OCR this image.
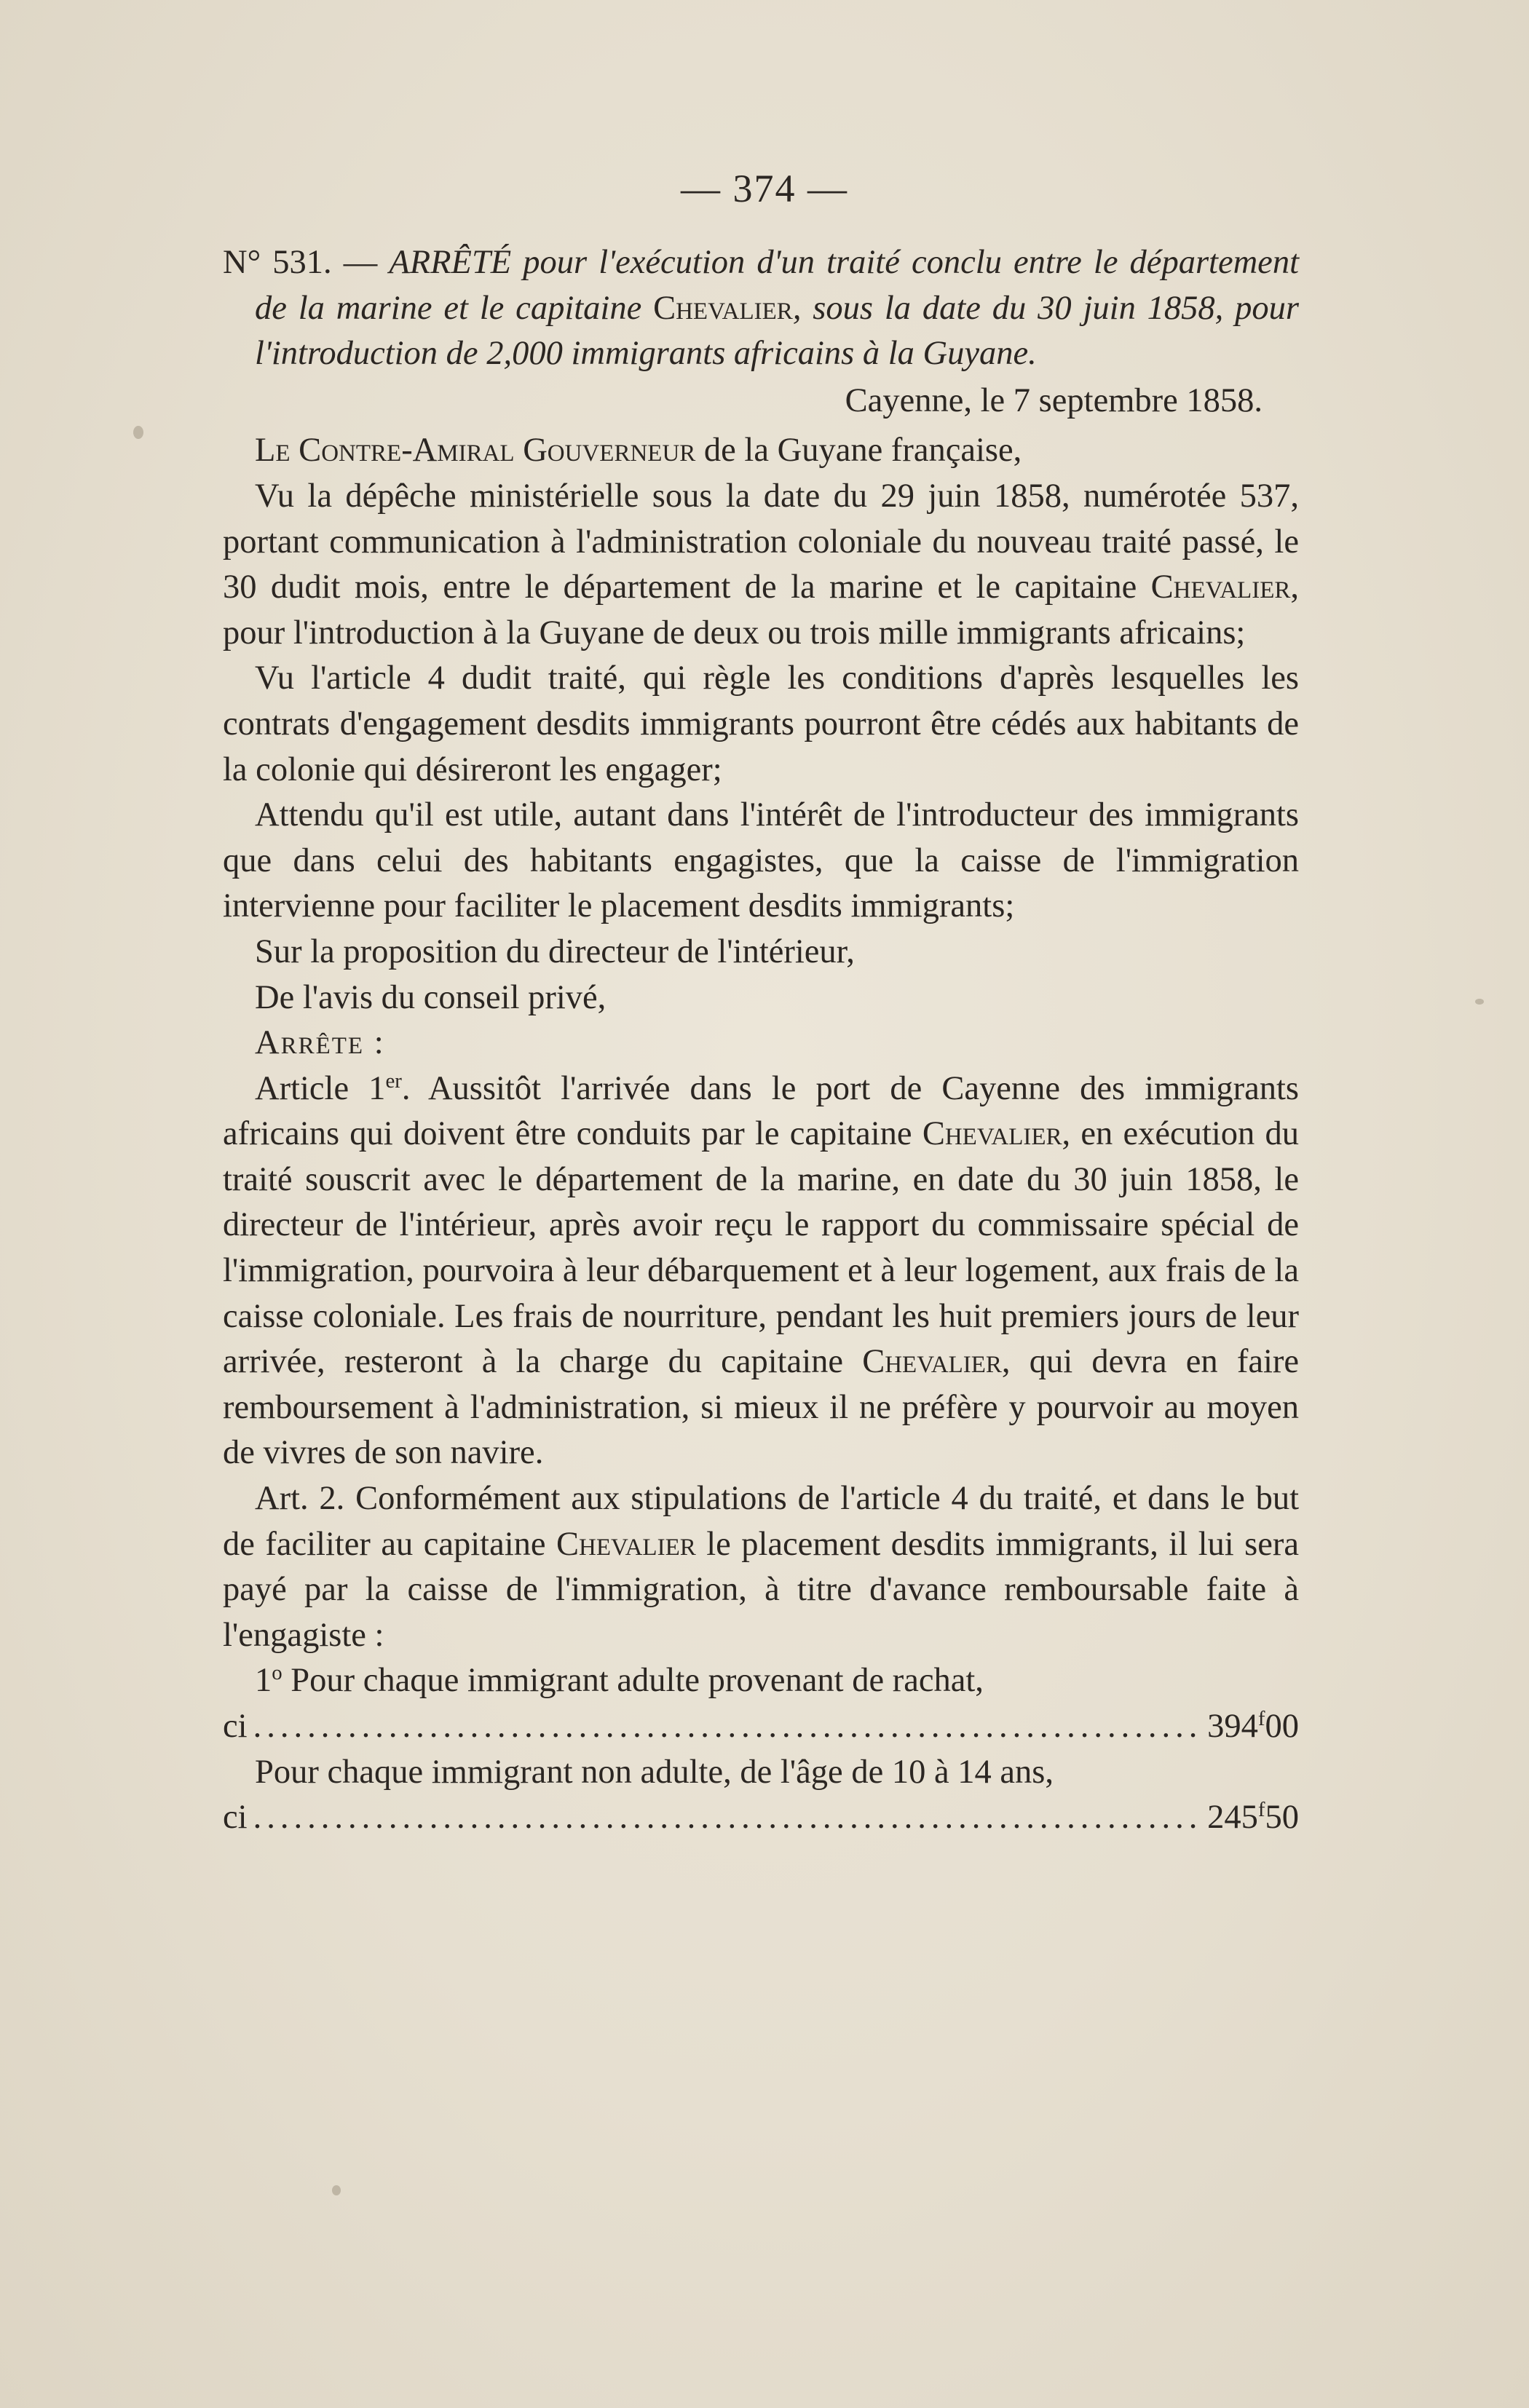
— 374 —

N° 531. — ARRÊTÉ pour l'exécution d'un traité conclu entre le département de la marine et le capitaine Chevalier, sous la date du 30 juin 1858, pour l'introduction de 2,000 immigrants africains à la Guyane.

Cayenne, le 7 septembre 1858.

Le Contre-Amiral Gouverneur de la Guyane française,

Vu la dépêche ministérielle sous la date du 29 juin 1858, numérotée 537, portant communication à l'administration coloniale du nouveau traité passé, le 30 dudit mois, entre le département de la marine et le capitaine Chevalier, pour l'introduction à la Guyane de deux ou trois mille immigrants africains;

Vu l'article 4 dudit traité, qui règle les conditions d'après lesquelles les contrats d'engagement desdits immigrants pourront être cédés aux habitants de la colonie qui désireront les engager;

Attendu qu'il est utile, autant dans l'intérêt de l'introducteur des immigrants que dans celui des habitants engagistes, que la caisse de l'immigration intervienne pour faciliter le placement desdits immigrants;

Sur la proposition du directeur de l'intérieur,

De l'avis du conseil privé,

Arrête :

Article 1er. Aussitôt l'arrivée dans le port de Cayenne des immigrants africains qui doivent être conduits par le capitaine Chevalier, en exécution du traité souscrit avec le département de la marine, en date du 30 juin 1858, le directeur de l'intérieur, après avoir reçu le rapport du commissaire spécial de l'immigration, pourvoira à leur débarquement et à leur logement, aux frais de la caisse coloniale. Les frais de nourriture, pendant les huit premiers jours de leur arrivée, resteront à la charge du capitaine Chevalier, qui devra en faire remboursement à l'administration, si mieux il ne préfère y pourvoir au moyen de vivres de son navire.

Art. 2. Conformément aux stipulations de l'article 4 du traité, et dans le but de faciliter au capitaine Chevalier le placement desdits immigrants, il lui sera payé par la caisse de l'immigration, à titre d'avance remboursable faite à l'engagiste :

1$^o$ Pour chaque immigrant adulte provenant de rachat,

ci .....	394$^f$00

Pour chaque immigrant non adulte, de l'âge de 10 à 14 ans,

ci .....	245$^f$50
